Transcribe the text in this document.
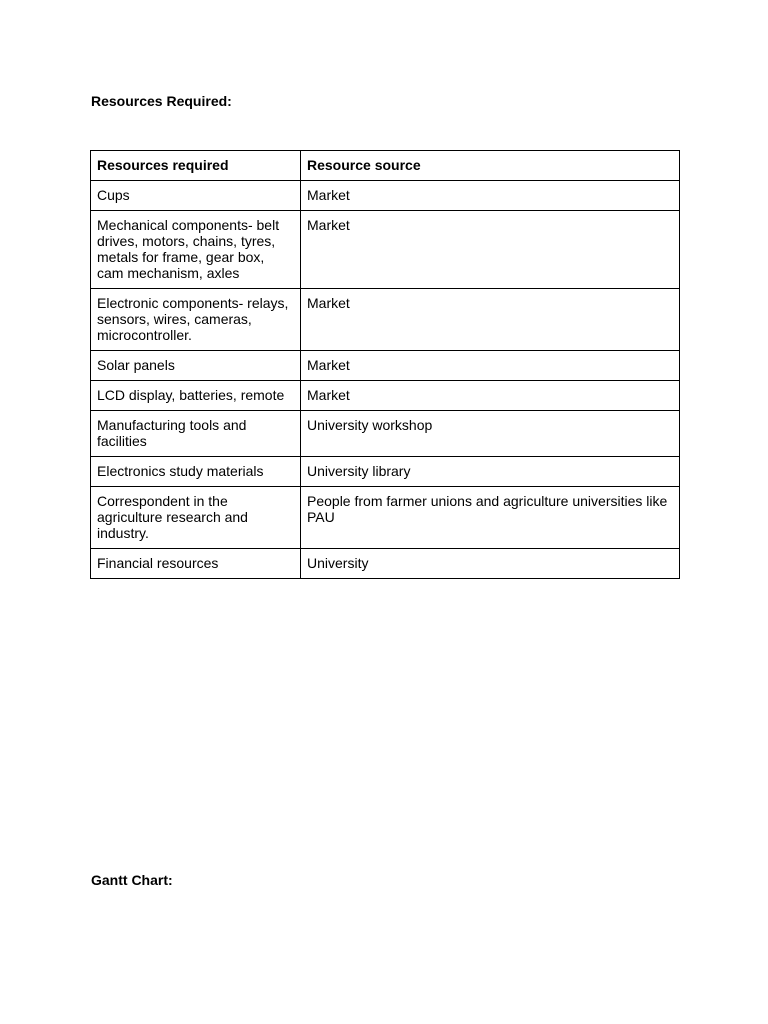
Resources Required:
Resources required	Resource source
Cups	Market
Mechanical components- belt drives, motors, chains, tyres, metals for frame, gear box, cam mechanism, axles	Market
Electronic components- relays, sensors, wires, cameras, microcontroller.	Market
Solar panels	Market
LCD display, batteries, remote	Market
Manufacturing tools and facilities	University workshop
Electronics study materials	University library
Correspondent in the agriculture research and industry.	People from farmer unions and agriculture universities like PAU
Financial resources	University
Gantt Chart:
